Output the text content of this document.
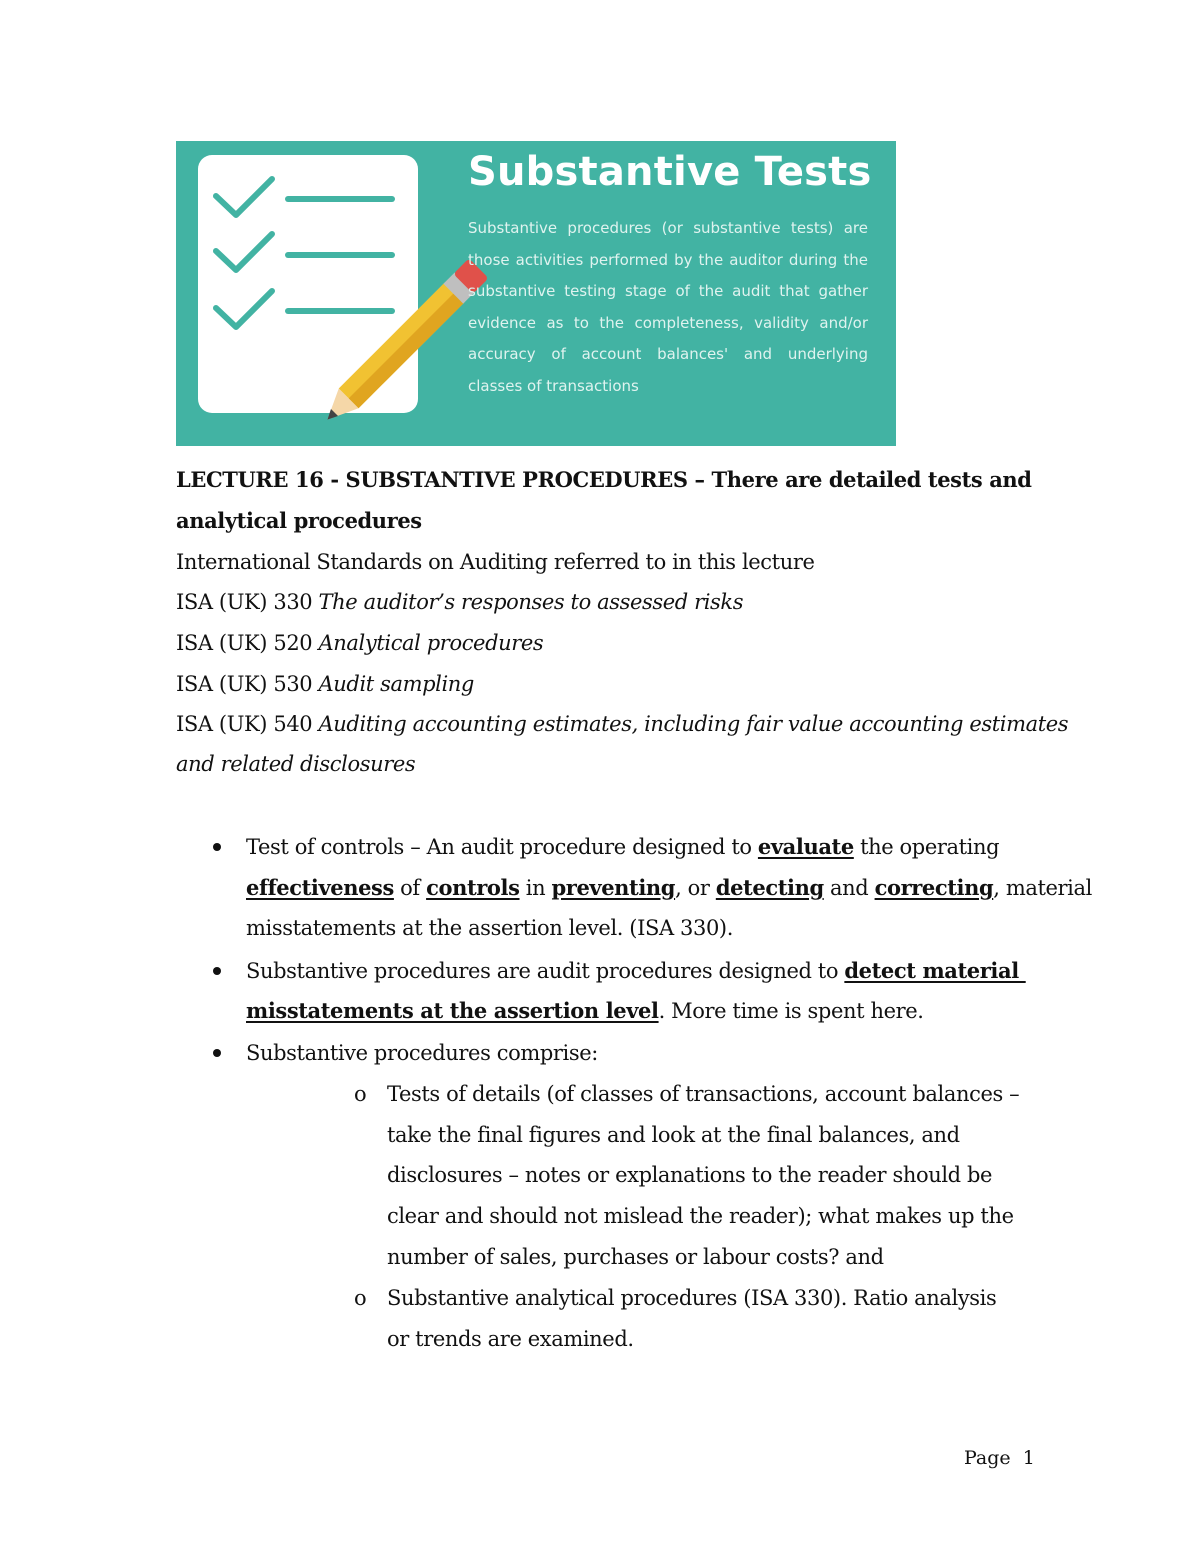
Substantive Tests
Substantive procedures (or substantive tests) are those activities performed by the auditor during the substantive testing stage of the audit that gather evidence as to the completeness, validity and/or accuracy of account balances' and underlying classes of transactions
LECTURE 16 - SUBSTANTIVE PROCEDURES – There are detailed tests and
analytical procedures
International Standards on Auditing referred to in this lecture
ISA (UK) 330 The auditor’s responses to assessed risks
ISA (UK) 520 Analytical procedures
ISA (UK) 530 Audit sampling
ISA (UK) 540 Auditing accounting estimates, including fair value accounting estimates
and related disclosures
Test of controls – An audit procedure designed to evaluate the operating
effectiveness of controls in preventing, or detecting and correcting, material
misstatements at the assertion level. (ISA 330).
Substantive procedures are audit procedures designed to detect material
misstatements at the assertion level. More time is spent here.
Substantive procedures comprise:
o Tests of details (of classes of transactions, account balances – take the final figures and look at the final balances, and disclosures – notes or explanations to the reader should be clear and should not mislead the reader); what makes up the number of sales, purchases or labour costs? and
o Substantive analytical procedures (ISA 330). Ratio analysis or trends are examined.
Page 1
